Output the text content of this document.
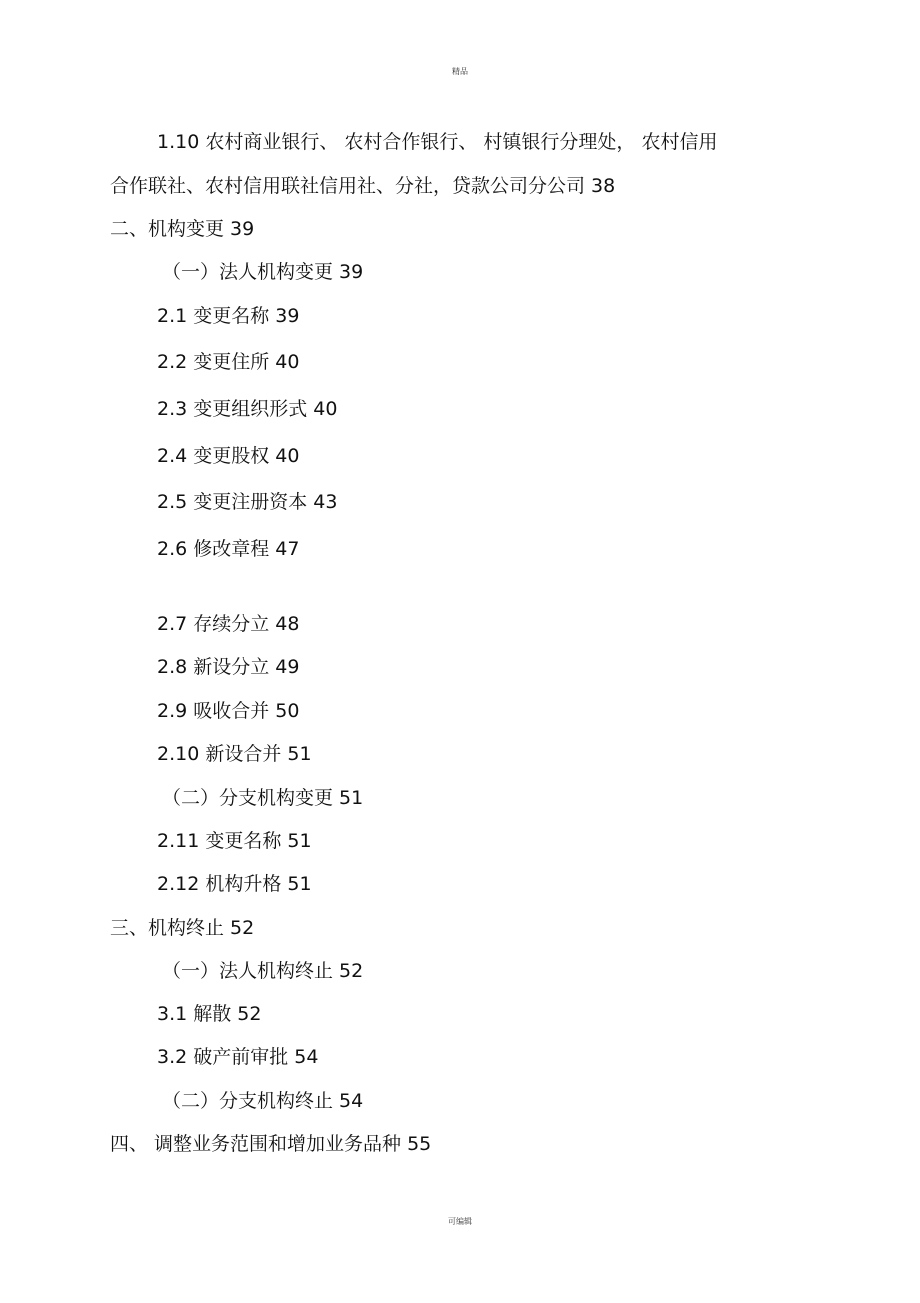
精品
1.10 农村商业银行、 农村合作银行、 村镇银行分理处， 农村信用
合作联社、农村信用联社信用社、分社，贷款公司分公司 38
二、机构变更 39
（一）法人机构变更 39
2.1 变更名称 39
2.2 变更住所 40
2.3 变更组织形式 40
2.4 变更股权 40
2.5 变更注册资本 43
2.6 修改章程 47
2.7 存续分立 48
2.8 新设分立 49
2.9 吸收合并 50
2.10 新设合并 51
（二）分支机构变更 51
2.11 变更名称 51
2.12 机构升格 51
三、机构终止 52
（一）法人机构终止 52
3.1 解散 52
3.2 破产前审批 54
（二）分支机构终止 54
四、 调整业务范围和增加业务品种 55
可编辑
